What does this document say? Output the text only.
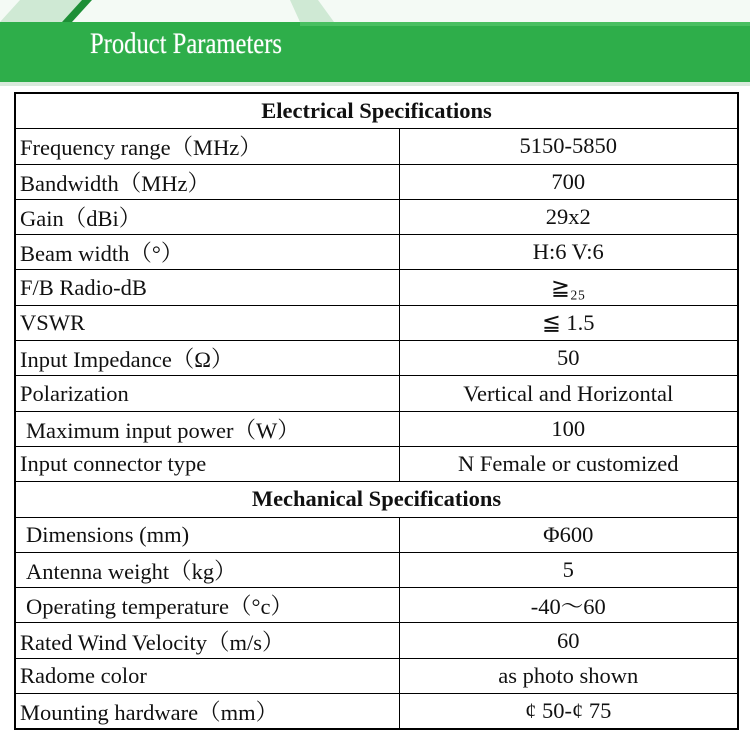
Product Parameters
Electrical Specifications	
Frequency range（MHz）	5150-5850
Bandwidth（MHz）	700
Gain（dBi）	29x2
Beam width（°）	H:6 V:6
F/B Radio-dB	≧₂₅
VSWR	≦ 1.5
Input Impedance（Ω）	50
Polarization	Vertical and Horizontal
Maximum input power（W）	100
Input connector type	N Female or customized
Mechanical Specifications	
Dimensions (mm)	Φ600
Antenna weight（kg）	5
Operating temperature（°c）	-40～60
Rated Wind Velocity（m/s）	60
Radome color	as photo shown
Mounting hardware（mm）	¢ 50-¢ 75
